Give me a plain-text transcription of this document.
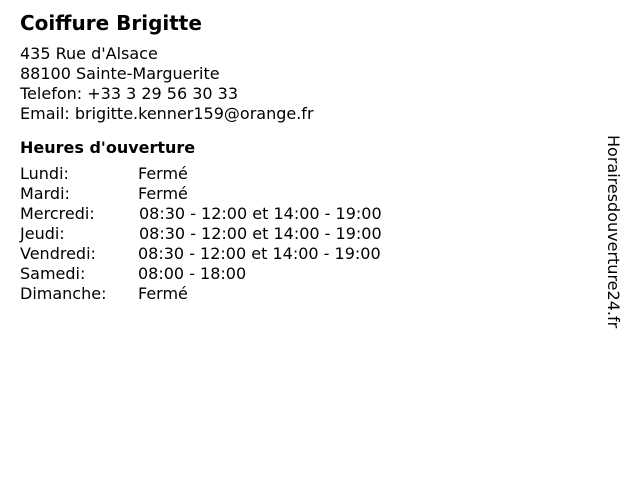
Coiffure Brigitte
435 Rue d'Alsace
88100 Sainte-Marguerite
Telefon: +33 3 29 56 30 33
Email: brigitte.kenner159@orange.fr
Heures d'ouverture
Lundi:	Fermé
Mardi:	Fermé
Mercredi:	08:30 - 12:00 et 14:00 - 19:00
Jeudi:	08:30 - 12:00 et 14:00 - 19:00
Vendredi:	08:30 - 12:00 et 14:00 - 19:00
Samedi:	08:00 - 18:00
Dimanche:	Fermé	Horairesdouverture24.fr
